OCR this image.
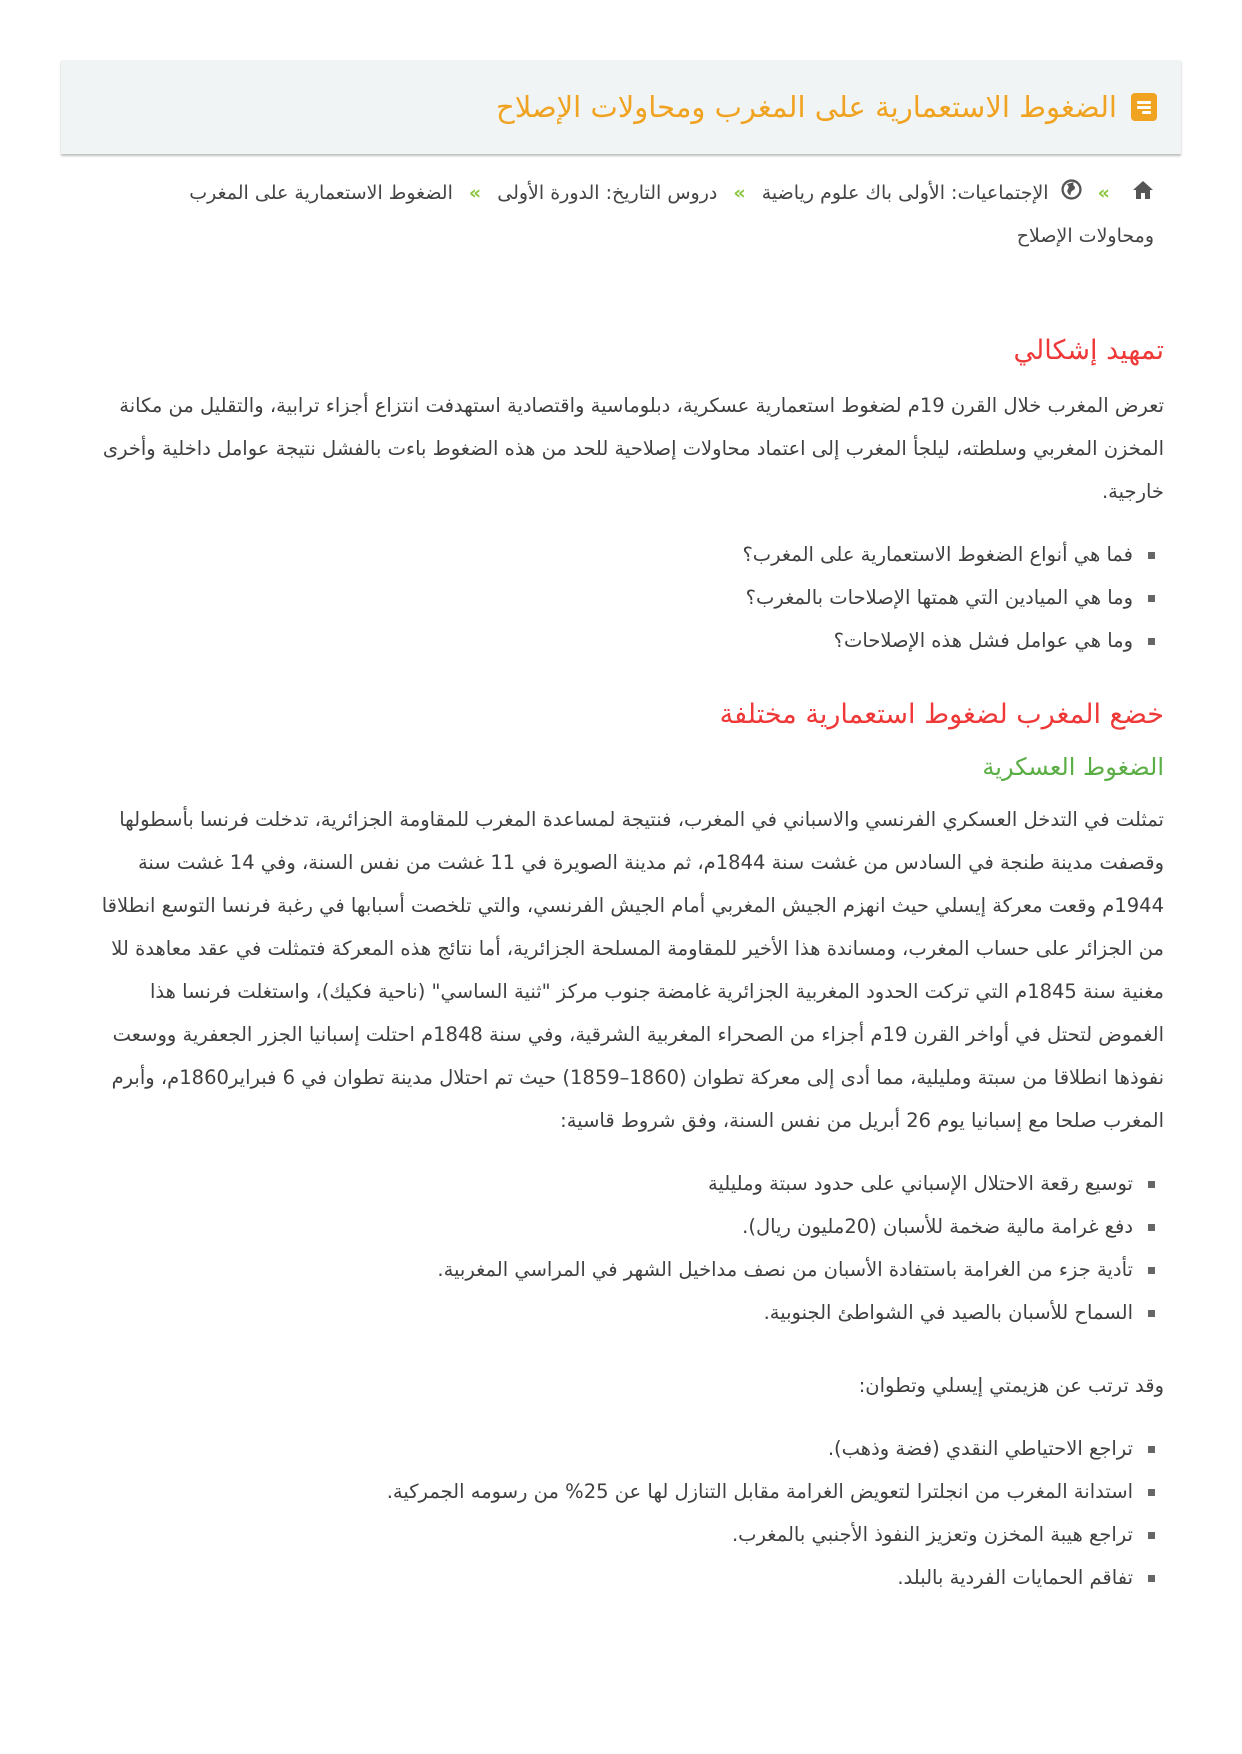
الضغوط الاستعمارية على المغرب ومحاولات الإصلاح
»  الإجتماعيات: الأولى باك علوم رياضية » دروس التاريخ: الدورة الأولى » الضغوط الاستعمارية على المغرب ومحاولات الإصلاح
تمهيد إشكالي

تعرض المغرب خلال القرن 19م لضغوط استعمارية عسكرية، دبلوماسية واقتصادية استهدفت انتزاع أجزاء ترابية، والتقليل من مكانة المخزن المغربي وسلطته، ليلجأ المغرب إلى اعتماد محاولات إصلاحية للحد من هذه الضغوط باءت بالفشل نتيجة عوامل داخلية وأخرى خارجية.

فما هي أنواع الضغوط الاستعمارية على المغرب؟
وما هي الميادين التي همتها الإصلاحات بالمغرب؟
وما هي عوامل فشل هذه الإصلاحات؟
خضع المغرب لضغوط استعمارية مختلفة
الضغوط العسكرية

تمثلت في التدخل العسكري الفرنسي والاسباني في المغرب، فنتيجة لمساعدة المغرب للمقاومة الجزائرية، تدخلت فرنسا بأسطولها وقصفت مدينة طنجة في السادس من غشت سنة 1844م، ثم مدينة الصويرة في 11 غشت من نفس السنة، وفي 14 غشت سنة 1944م وقعت معركة إيسلي حيث انهزم الجيش المغربي أمام الجيش الفرنسي، والتي تلخصت أسبابها في رغبة فرنسا التوسع انطلاقا من الجزائر على حساب المغرب، ومساندة هذا الأخير للمقاومة المسلحة الجزائرية، أما نتائج هذه المعركة فتمثلت في عقد معاهدة للا مغنية سنة 1845م التي تركت الحدود المغربية الجزائرية غامضة جنوب مركز "ثنية الساسي" (ناحية فكيك)، واستغلت فرنسا هذا الغموض لتحتل في أواخر القرن 19م أجزاء من الصحراء المغربية الشرقية، وفي سنة 1848م احتلت إسبانيا الجزر الجعفرية ووسعت نفوذها انطلاقا من سبتة ومليلية، مما أدى إلى معركة تطوان (1860–1859) حيث تم احتلال مدينة تطوان في 6 فبراير1860م، وأبرم المغرب صلحا مع إسبانيا يوم 26 أبريل من نفس السنة، وفق شروط قاسية:

توسيع رقعة الاحتلال الإسباني على حدود سبتة ومليلية
دفع غرامة مالية ضخمة للأسبان (20مليون ريال).
تأدية جزء من الغرامة باستفادة الأسبان من نصف مداخيل الشهر في المراسي المغربية.
السماح للأسبان بالصيد في الشواطئ الجنوبية.

وقد ترتب عن هزيمتي إيسلي وتطوان:

تراجع الاحتياطي النقدي (فضة وذهب).
استدانة المغرب من انجلترا لتعويض الغرامة مقابل التنازل لها عن 25% من رسومه الجمركية.
تراجع هيبة المخزن وتعزيز النفوذ الأجنبي بالمغرب.
تفاقم الحمايات الفردية بالبلد.
